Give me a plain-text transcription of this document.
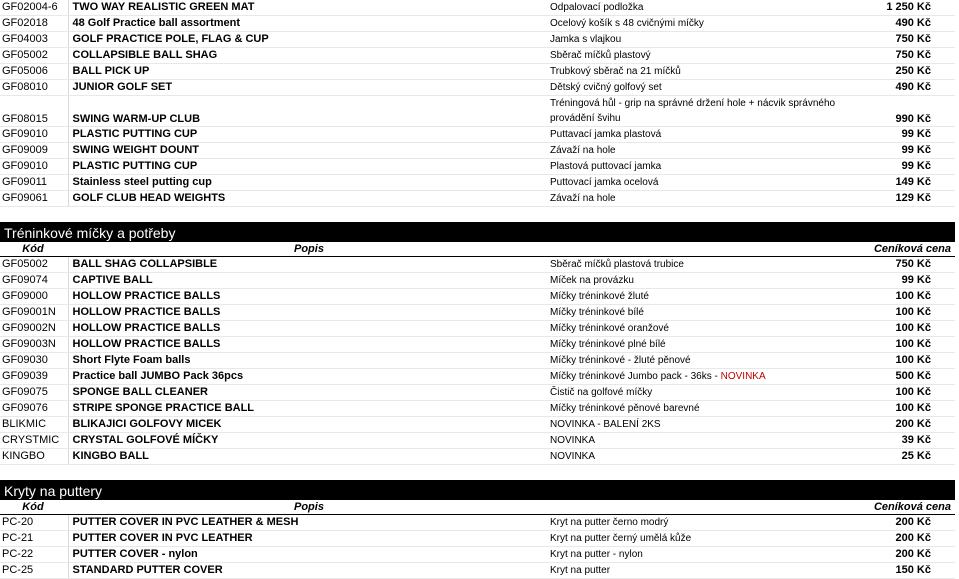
GF02004-6	TWO WAY REALISTIC GREEN MAT	Odpalovací podložka	1 250 Kč
GF02018	48 Golf Practice ball assortment	Ocelový košík s 48 cvičnými míčky	490 Kč
GF04003	GOLF PRACTICE POLE, FLAG & CUP	Jamka s vlajkou	750 Kč
GF05002	COLLAPSIBLE BALL SHAG	Sběrač míčků plastový	750 Kč
GF05006	BALL PICK UP	Trubkový sběrač na 21 míčků	250 Kč
GF08010	JUNIOR GOLF SET	Dětský cvičný golfový set	490 Kč
GF08015	SWING WARM-UP CLUB	Tréningová hůl - grip na správné držení hole + nácvik správného provádění švihu	990 Kč
GF09010	PLASTIC PUTTING CUP	Puttavací jamka plastová	99 Kč
GF09009	SWING WEIGHT DOUNT	Závaží na hole	99 Kč
GF09010	PLASTIC PUTTING CUP	Plastová puttovací jamka	99 Kč
GF09011	Stainless steel putting cup	Puttovací jamka ocelová	149 Kč
GF09061	GOLF CLUB HEAD WEIGHTS	Závaží na hole	129 Kč
Tréninkové míčky a potřeby
Kód	Popis		Ceníková cena
GF05002	BALL SHAG COLLAPSIBLE	Sběrač míčků plastová trubice	750 Kč
GF09074	CAPTIVE BALL	Míček na provázku	99 Kč
GF09000	HOLLOW PRACTICE BALLS	Míčky tréninkové žluté	100 Kč
GF09001N	HOLLOW PRACTICE BALLS	Míčky tréninkové bílé	100 Kč
GF09002N	HOLLOW PRACTICE BALLS	Míčky tréninkové oranžové	100 Kč
GF09003N	HOLLOW PRACTICE BALLS	Míčky tréninkové plné bílé	100 Kč
GF09030	Short Flyte Foam balls	Míčky tréninkové - žluté pěnové	100 Kč
GF09039	Practice ball JUMBO Pack 36pcs	Míčky tréninkové Jumbo pack - 36ks - NOVINKA	500 Kč
GF09075	SPONGE BALL CLEANER	Čistič na golfové míčky	100 Kč
GF09076	STRIPE SPONGE PRACTICE BALL	Míčky tréninkové pěnové barevné	100 Kč
BLIKMIC	BLIKAJICI GOLFOVY MICEK	NOVINKA - BALENÍ 2KS	200 Kč
CRYSTMIC	CRYSTAL GOLFOVÉ MÍČKY	NOVINKA	39 Kč
KINGBO	KINGBO BALL	NOVINKA	25 Kč
Kryty na puttery
Kód	Popis		Ceníková cena
PC-20	PUTTER COVER IN PVC LEATHER & MESH	Kryt na putter černo modrý	200 Kč
PC-21	PUTTER COVER IN PVC LEATHER	Kryt na putter černý umělá kůže	200 Kč
PC-22	PUTTER COVER - nylon	Kryt na putter - nylon	200 Kč
PC-25	STANDARD PUTTER COVER	Kryt na putter	150 Kč
